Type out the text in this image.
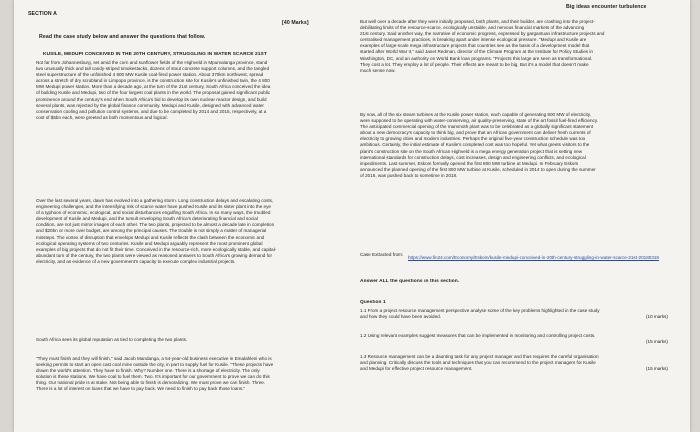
SECTION A
[40 Marks]
Read the case study below and answer the questions that follow.
KUSILE, MEDUPI CONCEIVED IN THE 20TH CENTURY, STRUGGLING IN WATER SCARCE 21ST
Not far from Johannesburg, set amid the corn and sunflower fields of the Highveld in Mpumalanga province, stand
two unusually thick and tall candy-striped smokestacks, dozens of stout concrete support columns, and the tangled
steel superstructure of the unfinished 4 800 MW Kusile coal-fired power station. About 370km northwest, spread
across a stretch of dry scrubland in Limpopo province, is the construction site for Kusile's unfinished twin, the 4 800
MW Medupi power station. More than a decade ago, at the turn of the 21st century, South Africa conceived the idea
of building Kusile and Medupi, two of the four largest coal plants in the world. The proposal gained significant public
prominence around the century's end when South Africa's bid to develop its own nuclear reactor design, and build
several plants, was rejected by the global finance community. Medupi and Kusile, designed with advanced water
conservation cooling and pollution control systems, and due to be completed by 2014 and 2015, respectively, at a
cost of $5bn each, were greeted as both momentous and logical.
Over the last several years, dawn has evolved into a gathering storm. Long construction delays and escalating costs,
engineering challenges, and the intensifying risk of scarce water have pushed Kusile and its sister plant into the eye
of a typhoon of economic, ecological, and social disturbances engulfing South Africa. In so many ways, the troubled
development of Kusile and Medupi, and the tumult enveloping South Africa's deteriorating financial and social
condition, are not just mirror images of each other. The two plants, projected to be almost a decade late in completion
and $20bn or more over budget, are among the principal causes. The trouble is not simply a matter of managerial
missteps. The vortex of disruption that envelops Medupi and Kusile reflects the clash between the economic and
ecological operating systems of two centuries. Kusile and Medupi arguably represent the most prominent global
examples of big projects that do not fit their time. Conceived in the resource-rich, more ecologically stable, and capital-
abundant turn of the century, the two plants were viewed as reasoned answers to South Africa's growing demand for
electricity, and as evidence of a new government's capacity to execute complex industrial projects.
South Africa sees its global reputation as tied to completing the two plants.
"They must finish and they will finish," said Jacob Mandanga, a 54-year-old business executive in Emalahleni who is
seeking permits to start an open cast coal mine outside the city, in part to supply fuel for Kusile. "These projects have
drawn the world's attention. They have to finish. Why? Number one. There is a shortage of electricity. The only
solution is these stations. We have coal to fuel them. Two. It's important for our government to prove we can do this
thing. Our national pride is at stake. Not being able to finish is demoralizing. We must prove we can finish. Three.
There is a lot of interest on loans that we have to pay back. We need to finish to pay back those loans."
Big ideas encounter turbulence
But well over a decade after they were initially proposed, both plants, and their builder, are crashing into the project-
debilitating limits of the resource-scarce, ecologically unstable, and nervous financial markets of the advancing
21st century. Said another way, the narrative of economic progress, expressed by gargantuan infrastructure projects and
centralised management practices, is breaking apart under intense ecological pressure. "Medupi and Kusile are
examples of large-scale mega infrastructure projects that countries see as the basis of a development model that
started after World War II," said Janet Redman, director of the Climate Program at the Institute for Policy Studies in
Washington, DC, and an authority on World Bank loan programs. "Projects this large are seen as transformational.
They cost a lot. They employ a lot of people. Their effects are meant to be big. But it's a model that doesn't make
much sense now.
By now, all of the six steam turbines at the Kusile power station, each capable of generating 800 MW of electricity,
were supposed to be operating with water-conserving, air quality-preserving, state of the art fossil fuel-fired efficiency.
The anticipated commercial opening of the mammoth plant was to be celebrated as a globally significant statement
about a new democracy's capacity to think big, and prove that an African government can deliver fresh currents of
electricity to growing cities and modern industries. Perhaps the original five-year construction schedule was too
ambitious. Certainly, the initial estimate of Kusile's completed cost was too hopeful. Yet what greets visitors to the
plant's construction site on the South African Highveld is a mega energy generation project that is setting new
international standards for construction delays, cost increases, design and engineering conflicts, and ecological
impediments. Last summer, Eskom formally opened the first 800 MW turbine at Medupi. In February Eskom
announced the planned opening of the first 800 MW turbine at Kusile, scheduled in 2014 to open during the summer
of 2016, was pushed back to sometime in 2018.
Case Extracted from:
https://www.fin24.com/Economy/Eskom/kusile-medupi-conceived-in-20th-century-struggling-in-water-scarce-21st-20180318
Answer ALL the questions in this section.
Question 1
1.1 From a project resource management perspective analyse some of the key problems highlighted in the case study
and how they could have been avoided.	(10 marks)
1.2 Using relevant examples suggest measures that can be implemented in monitoring and controlling project costs.
(15 marks)
1.3 Resource management can be a daunting task for any project manager and thus requires the careful organisation
and planning. Critically discuss the tools and techniques that you can recommend to the project managers for Kusile
and Medupi for effective project resource management.	(15 marks)
